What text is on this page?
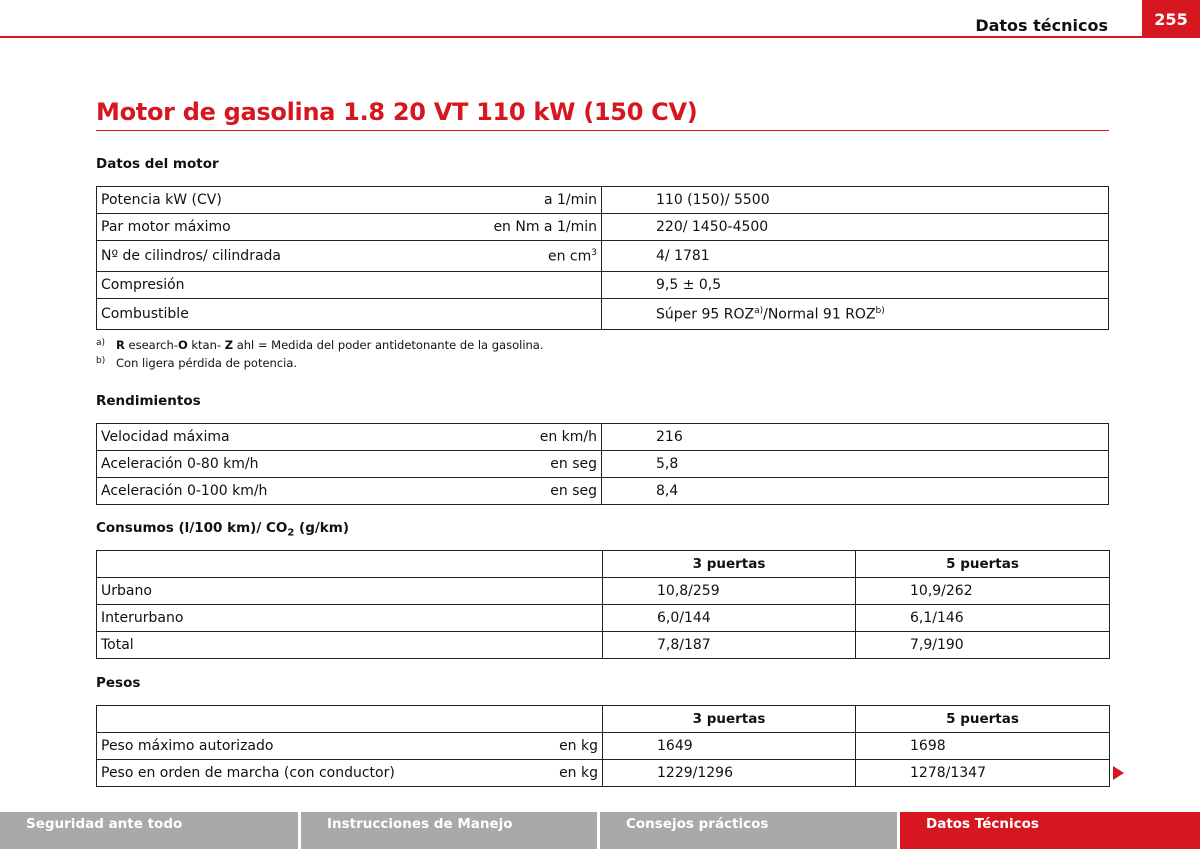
Datos técnicos	255
Motor de gasolina 1.8 20 VT 110 kW (150 CV)
Datos del motor
Potencia kW (CV) a 1/min	110 (150)/ 5500
Par motor máximo en Nm a 1/min	220/ 1450-4500
Nº de cilindros/ cilindrada en $cm^3$	4/ 1781
Compresión	9,5 ± 0,5
Combustible	Súper 95 ROZ$^{a)}$/Normal 91 ROZ$^{b)}$
a) R esearch-O ktan- Z ahl = Medida del poder antidetonante de la gasolina.
b) Con ligera pérdida de potencia.
Rendimientos
Velocidad máxima en km/h	216
Aceleración 0-80 km/h en seg	5,8
Aceleración 0-100 km/h en seg	8,4
Consumos (l/100 km)/ $CO_2$ (g/km)
	3 puertas	5 puertas
Urbano	10,8/259	10,9/262
Interurbano	6,0/144	6,1/146
Total	7,8/187	7,9/190
Pesos
	3 puertas	5 puertas
Peso máximo autorizado en kg	1649	1698
Peso en orden de marcha (con conductor) en kg	1229/1296	1278/1347
Seguridad ante todo	Instrucciones de Manejo	Consejos prácticos	Datos Técnicos
